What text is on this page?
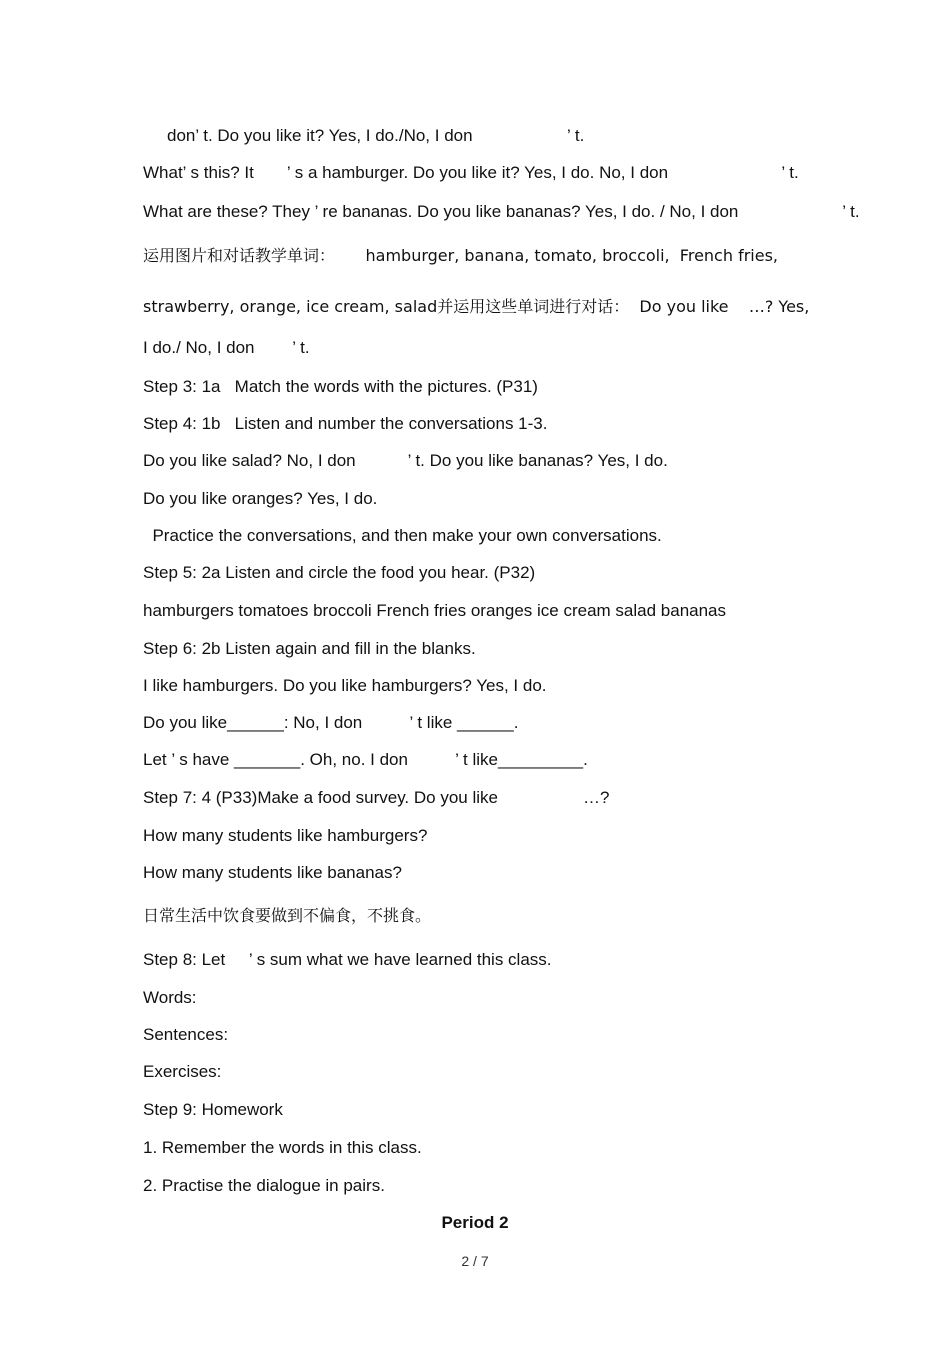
don’ t. Do you like it? Yes, I do./No, I don                    ’ t.
What’ s this? It       ’ s a hamburger. Do you like it? Yes, I do. No, I don                        ’ t.
What are these? They ’ re bananas. Do you like bananas? Yes, I do. / No, I don                      ’ t.
运用图片和对话教学单词：      hamburger, banana, tomato, broccoli,  French fries,
strawberry, orange, ice cream, salad并运用这些单词进行对话：  Do you like    …? Yes,
I do./ No, I don        ’ t.
Step 3: 1a   Match the words with the pictures. (P31)
Step 4: 1b   Listen and number the conversations 1-3.
Do you like salad? No, I don           ’ t. Do you like bananas? Yes, I do.
Do you like oranges? Yes, I do.
Practice the conversations, and then make your own conversations.
Step 5: 2a Listen and circle the food you hear. (P32)
hamburgers tomatoes broccoli French fries oranges ice cream salad bananas
Step 6: 2b Listen again and fill in the blanks.
I like hamburgers. Do you like hamburgers? Yes, I do.
Do you like______: No, I don          ’ t like ______.
Let ’ s have _______. Oh, no. I don          ’ t like_________.
Step 7: 4 (P33)Make a food survey. Do you like                  …?
How many students like hamburgers?
How many students like bananas?
日常生活中饮食要做到不偏食，不挑食。
Step 8: Let     ’ s sum what we have learned this class.
Words:
Sentences:
Exercises:
Step 9: Homework
1. Remember the words in this class.
2. Practise the dialogue in pairs.
Period 2
2 / 7
